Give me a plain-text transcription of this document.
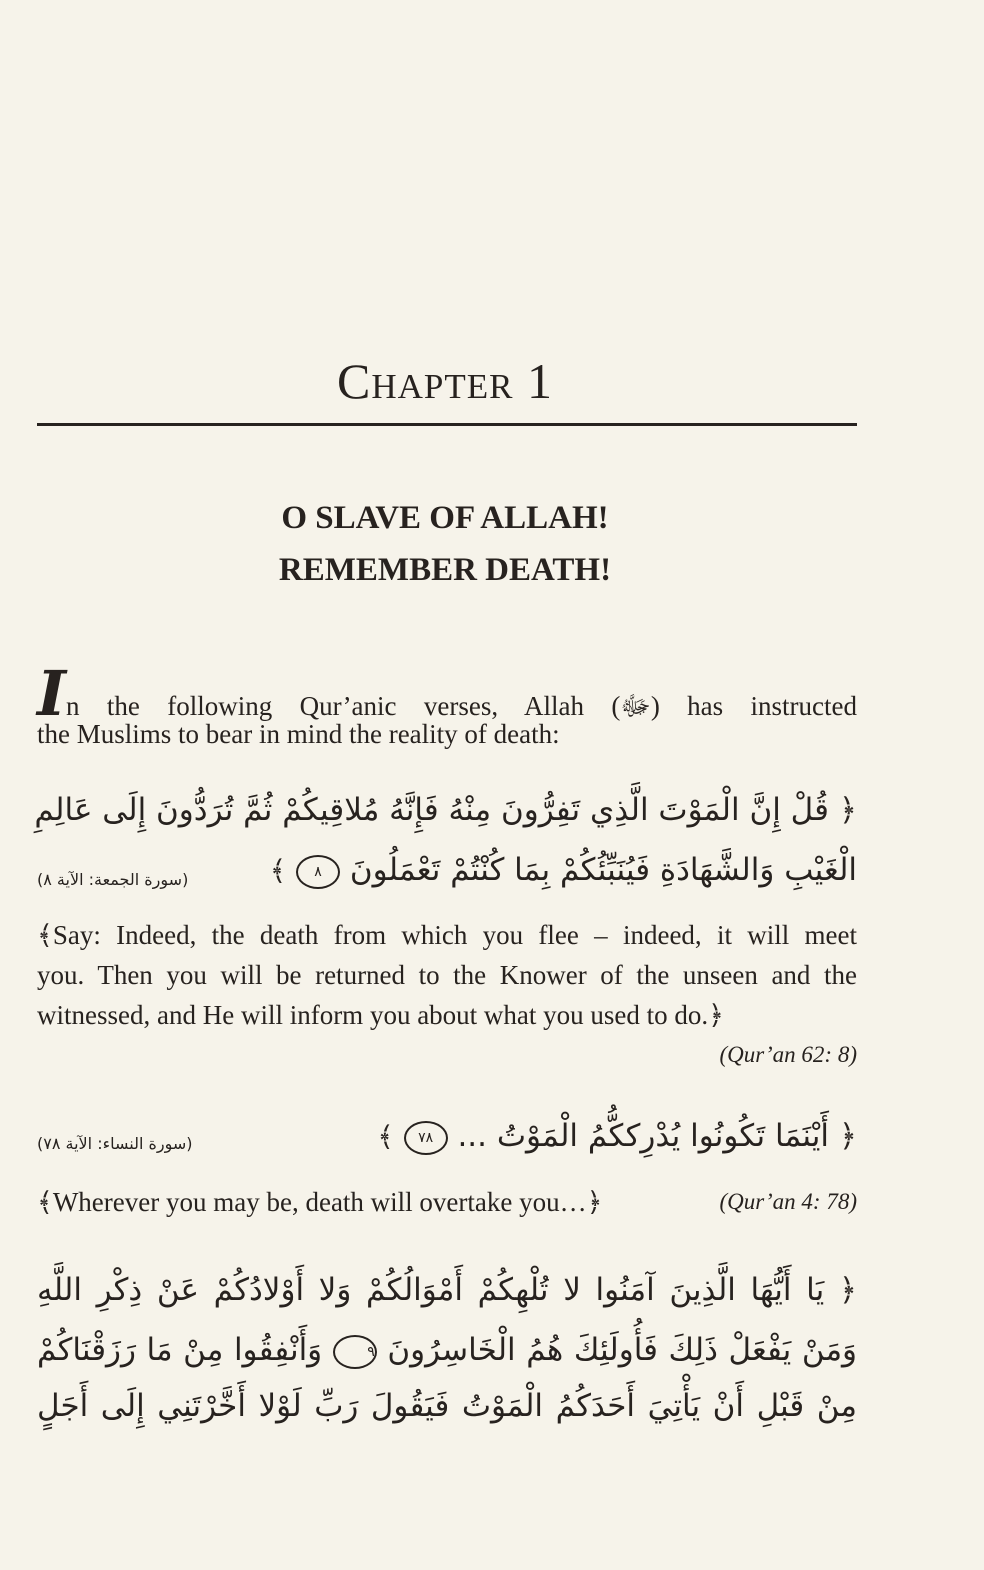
Chapter 1
O SLAVE OF ALLAH!
REMEMBER DEATH!
In the following Qur’anic verses, Allah (ﷻ) has instructed
the Muslims to bear in mind the reality of death:
﴿ قُلْ إِنَّ الْمَوْتَ الَّذِي تَفِرُّونَ مِنْهُ فَإِنَّهُ مُلاقِيكُمْ ثُمَّ تُرَدُّونَ إِلَى عَالِمِ
(سورة الجمعة: الآية ٨)	الْغَيْبِ وَالشَّهَادَةِ فَيُنَبِّئُكُمْ بِمَا كُنْتُمْ تَعْمَلُونَ ٨ ﴾
﴾Say: Indeed, the death from which you flee – indeed, it will meet
you. Then you will be returned to the Knower of the unseen and the
witnessed, and He will inform you about what you used to do.﴿
(Qur’an 62: 8)
(سورة النساء: الآية ٧٨)	﴿ أَيْنَمَا تَكُونُوا يُدْرِككُّمُ الْمَوْتُ ... ٧٨ ﴾
﴾Wherever you may be, death will overtake you…﴿	(Qur’an 4: 78)
﴿ يَا أَيُّهَا الَّذِينَ آمَنُوا لا تُلْهِكُمْ أَمْوَالُكُمْ وَلا أَوْلادُكُمْ عَنْ ذِكْرِ اللَّهِ
وَمَنْ يَفْعَلْ ذَلِكَ فَأُولَئِكَ هُمُ الْخَاسِرُونَ ٩ وَأَنْفِقُوا مِنْ مَا رَزَقْنَاكُمْ
مِنْ قَبْلِ أَنْ يَأْتِيَ أَحَدَكُمُ الْمَوْتُ فَيَقُولَ رَبِّ لَوْلا أَخَّرْتَنِي إِلَى أَجَلٍ
